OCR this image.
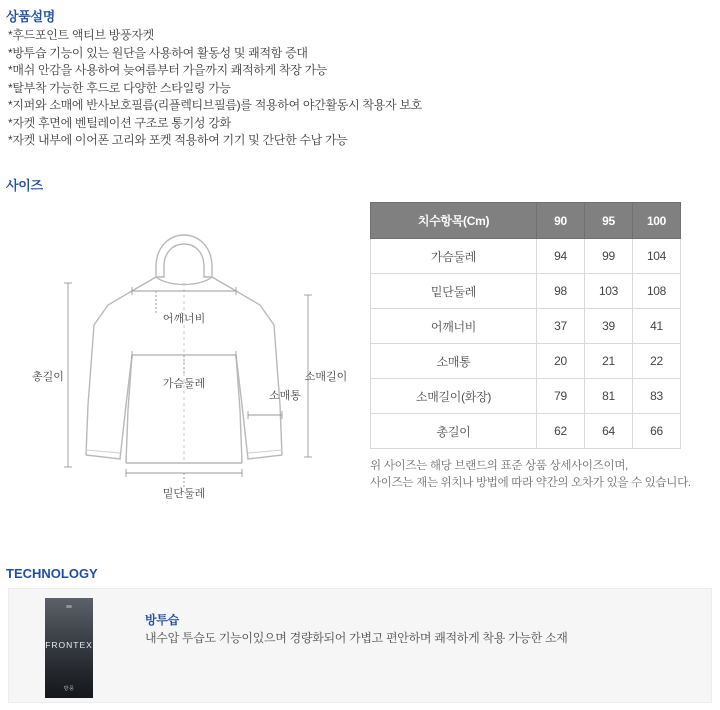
상품설명
*후드포인트 액티브 방풍자켓
*방투습 기능이 있는 원단을 사용하여 활동성 및 쾌적함 증대
*매쉬 안감을 사용하여 늦여름부터 가을까지 쾌적하게 착장 가능
*탈부착 가능한 후드로 다양한 스타일링 가능
*지퍼와 소매에 반사보호필름(리플렉티브필름)를 적용하여 야간활동시 착용자 보호
*자켓 후면에 벤틸레이션 구조로 통기성 강화
*자켓 내부에 이어폰 고리와 포켓 적용하여 기기 및 간단한 수납 가능
사이즈
어깨너비
가슴둘레
총길이	소매길이
소매통
밑단둘레
치수항목(Cm)	90	95	100
가슴둘레	94	99	104
밑단둘레	98	103	108
어깨너비	37	39	41
소매통	20	21	22
소매길이(화장)	79	81	83
총길이	62	64	66
위 사이즈는 해당 브랜드의 표준 상품 상세사이즈이며,
사이즈는 재는 위치나 방법에 따라 약간의 오차가 있을 수 있습니다.
TECHNOLOGY
FRONTEX
방풍
방투습
내수압 투습도 기능이있으며 경량화되어 가볍고 편안하며 쾌적하게 착용 가능한 소재
